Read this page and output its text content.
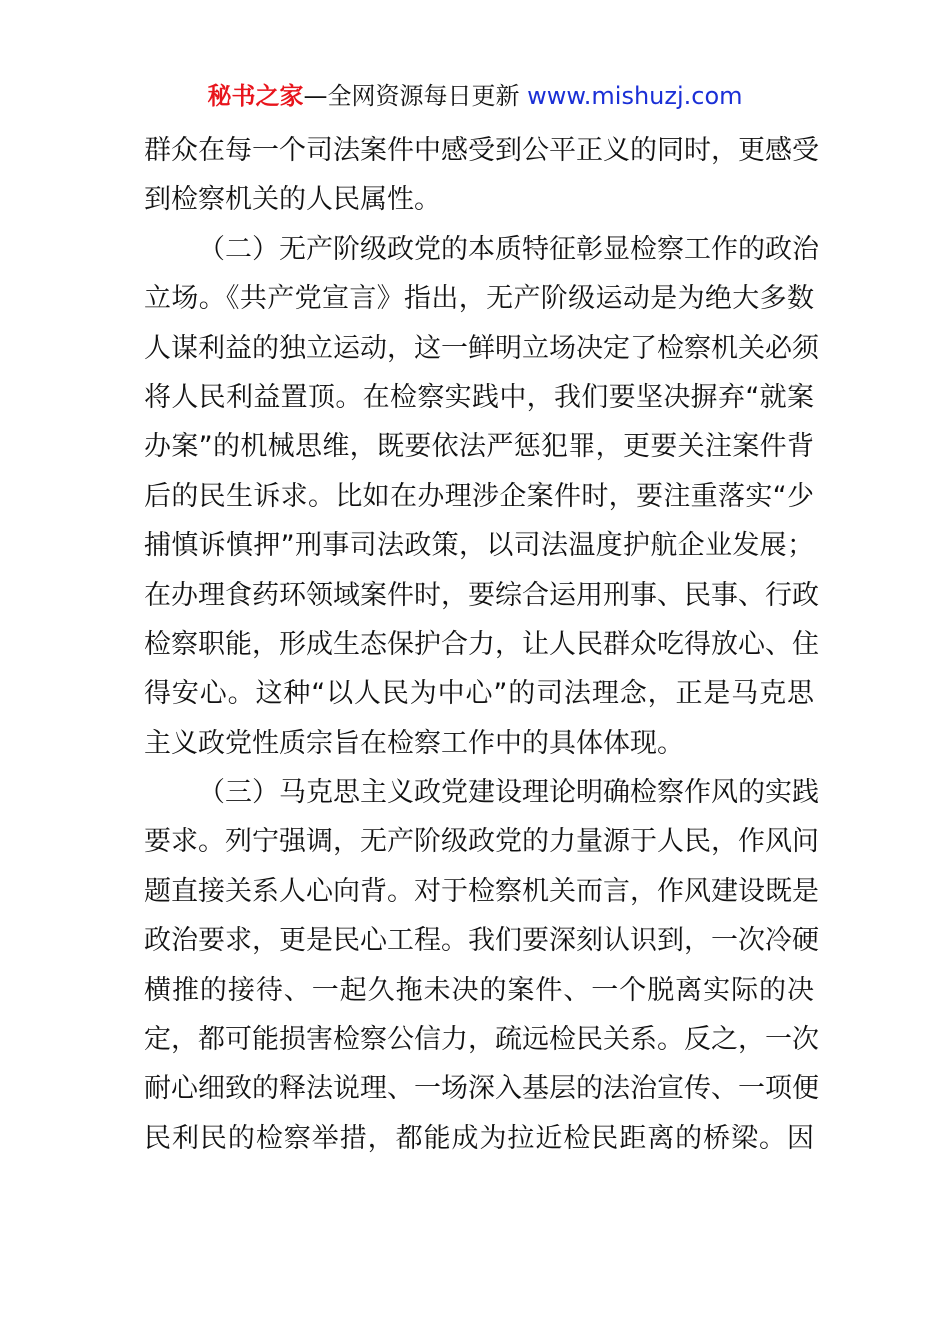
秘书之家—全网资源每日更新 www.mishuzj.com
群众在每一个司法案件中感受到公平正义的同时，更感受
到检察机关的人民属性。
（二）无产阶级政党的本质特征彰显检察工作的政治
立场。《共产党宣言》指出，无产阶级运动是为绝大多数
人谋利益的独立运动，这一鲜明立场决定了检察机关必须
将人民利益置顶。在检察实践中，我们要坚决摒弃“就案
办案”的机械思维，既要依法严惩犯罪，更要关注案件背
后的民生诉求。比如在办理涉企案件时，要注重落实“少
捕慎诉慎押”刑事司法政策，以司法温度护航企业发展；
在办理食药环领域案件时，要综合运用刑事、民事、行政
检察职能，形成生态保护合力，让人民群众吃得放心、住
得安心。这种“以人民为中心”的司法理念，正是马克思
主义政党性质宗旨在检察工作中的具体体现。
（三）马克思主义政党建设理论明确检察作风的实践
要求。列宁强调，无产阶级政党的力量源于人民，作风问
题直接关系人心向背。对于检察机关而言，作风建设既是
政治要求，更是民心工程。我们要深刻认识到，一次冷硬
横推的接待、一起久拖未决的案件、一个脱离实际的决
定，都可能损害检察公信力，疏远检民关系。反之，一次
耐心细致的释法说理、一场深入基层的法治宣传、一项便
民利民的检察举措，都能成为拉近检民距离的桥梁。因
